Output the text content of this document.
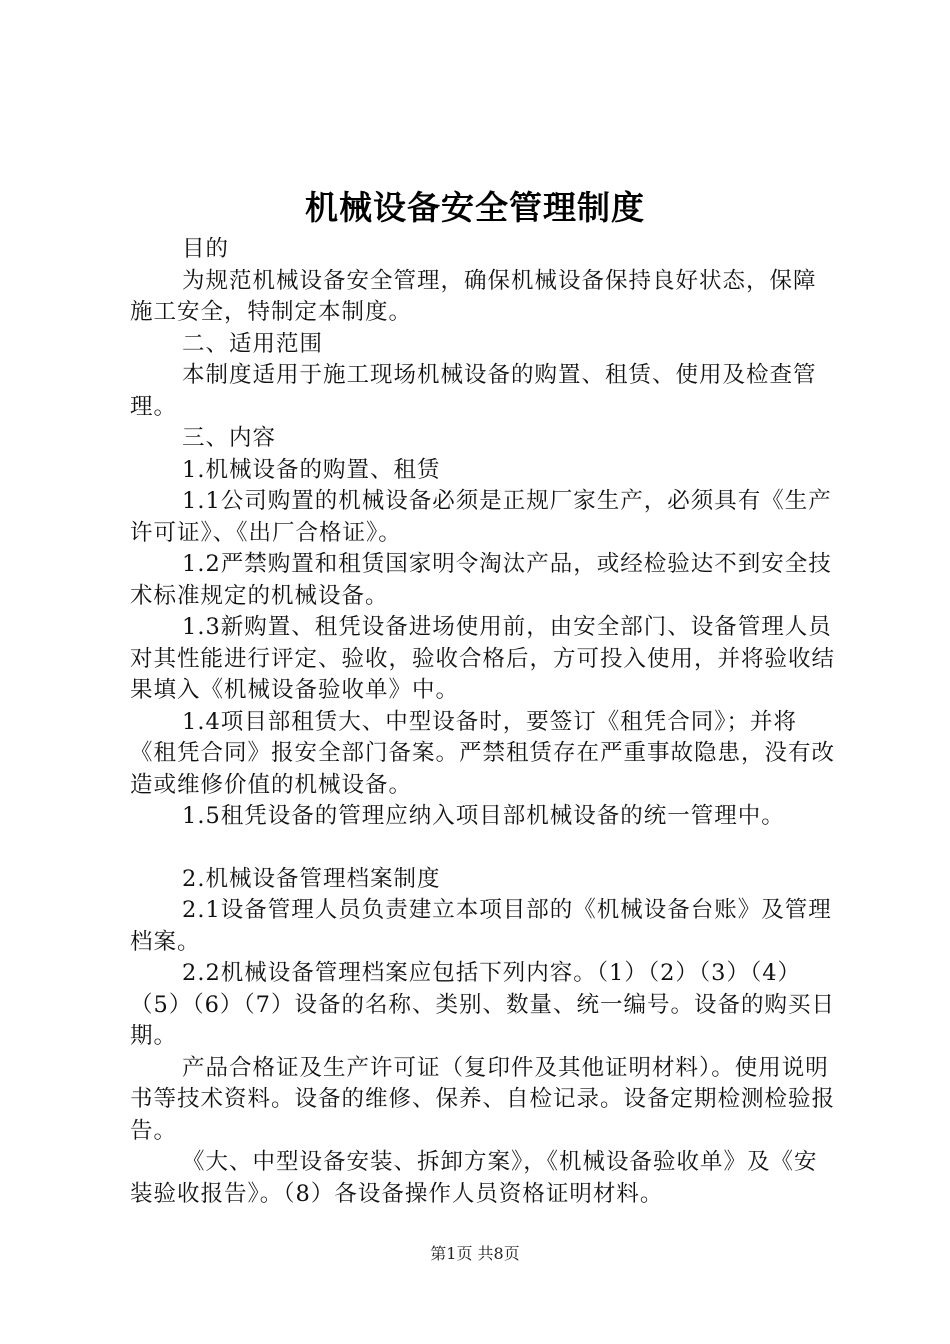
机械设备安全管理制度

目的

为规范机械设备安全管理，确保机械设备保持良好状态，保障施工安全，特制定本制度。

二、适用范围

本制度适用于施工现场机械设备的购置、租赁、使用及检查管理。

三、内容

1.机械设备的购置、租赁

1.1公司购置的机械设备必须是正规厂家生产，必须具有《生产许可证》、《出厂合格证》。

1.2严禁购置和租赁国家明令淘汰产品，或经检验达不到安全技术标准规定的机械设备。

1.3新购置、租凭设备进场使用前，由安全部门、设备管理人员对其性能进行评定、验收，验收合格后，方可投入使用，并将验收结果填入《机械设备验收单》中。

1.4项目部租赁大、中型设备时，要签订《租凭合同》；并将《租凭合同》报安全部门备案。严禁租赁存在严重事故隐患，没有改造或维修价值的机械设备。

1.5租凭设备的管理应纳入项目部机械设备的统一管理中。

2.机械设备管理档案制度

2.1设备管理人员负责建立本项目部的《机械设备台账》及管理档案。

2.2机械设备管理档案应包括下列内容。（1）（2）（3）（4）（5）（6）（7）设备的名称、类别、数量、统一编号。设备的购买日期。

产品合格证及生产许可证（复印件及其他证明材料）。使用说明书等技术资料。设备的维修、保养、自检记录。设备定期检测检验报告。

《大、中型设备安装、拆卸方案》，《机械设备验收单》及《安装验收报告》。（8）各设备操作人员资格证明材料。

第1页 共8页
